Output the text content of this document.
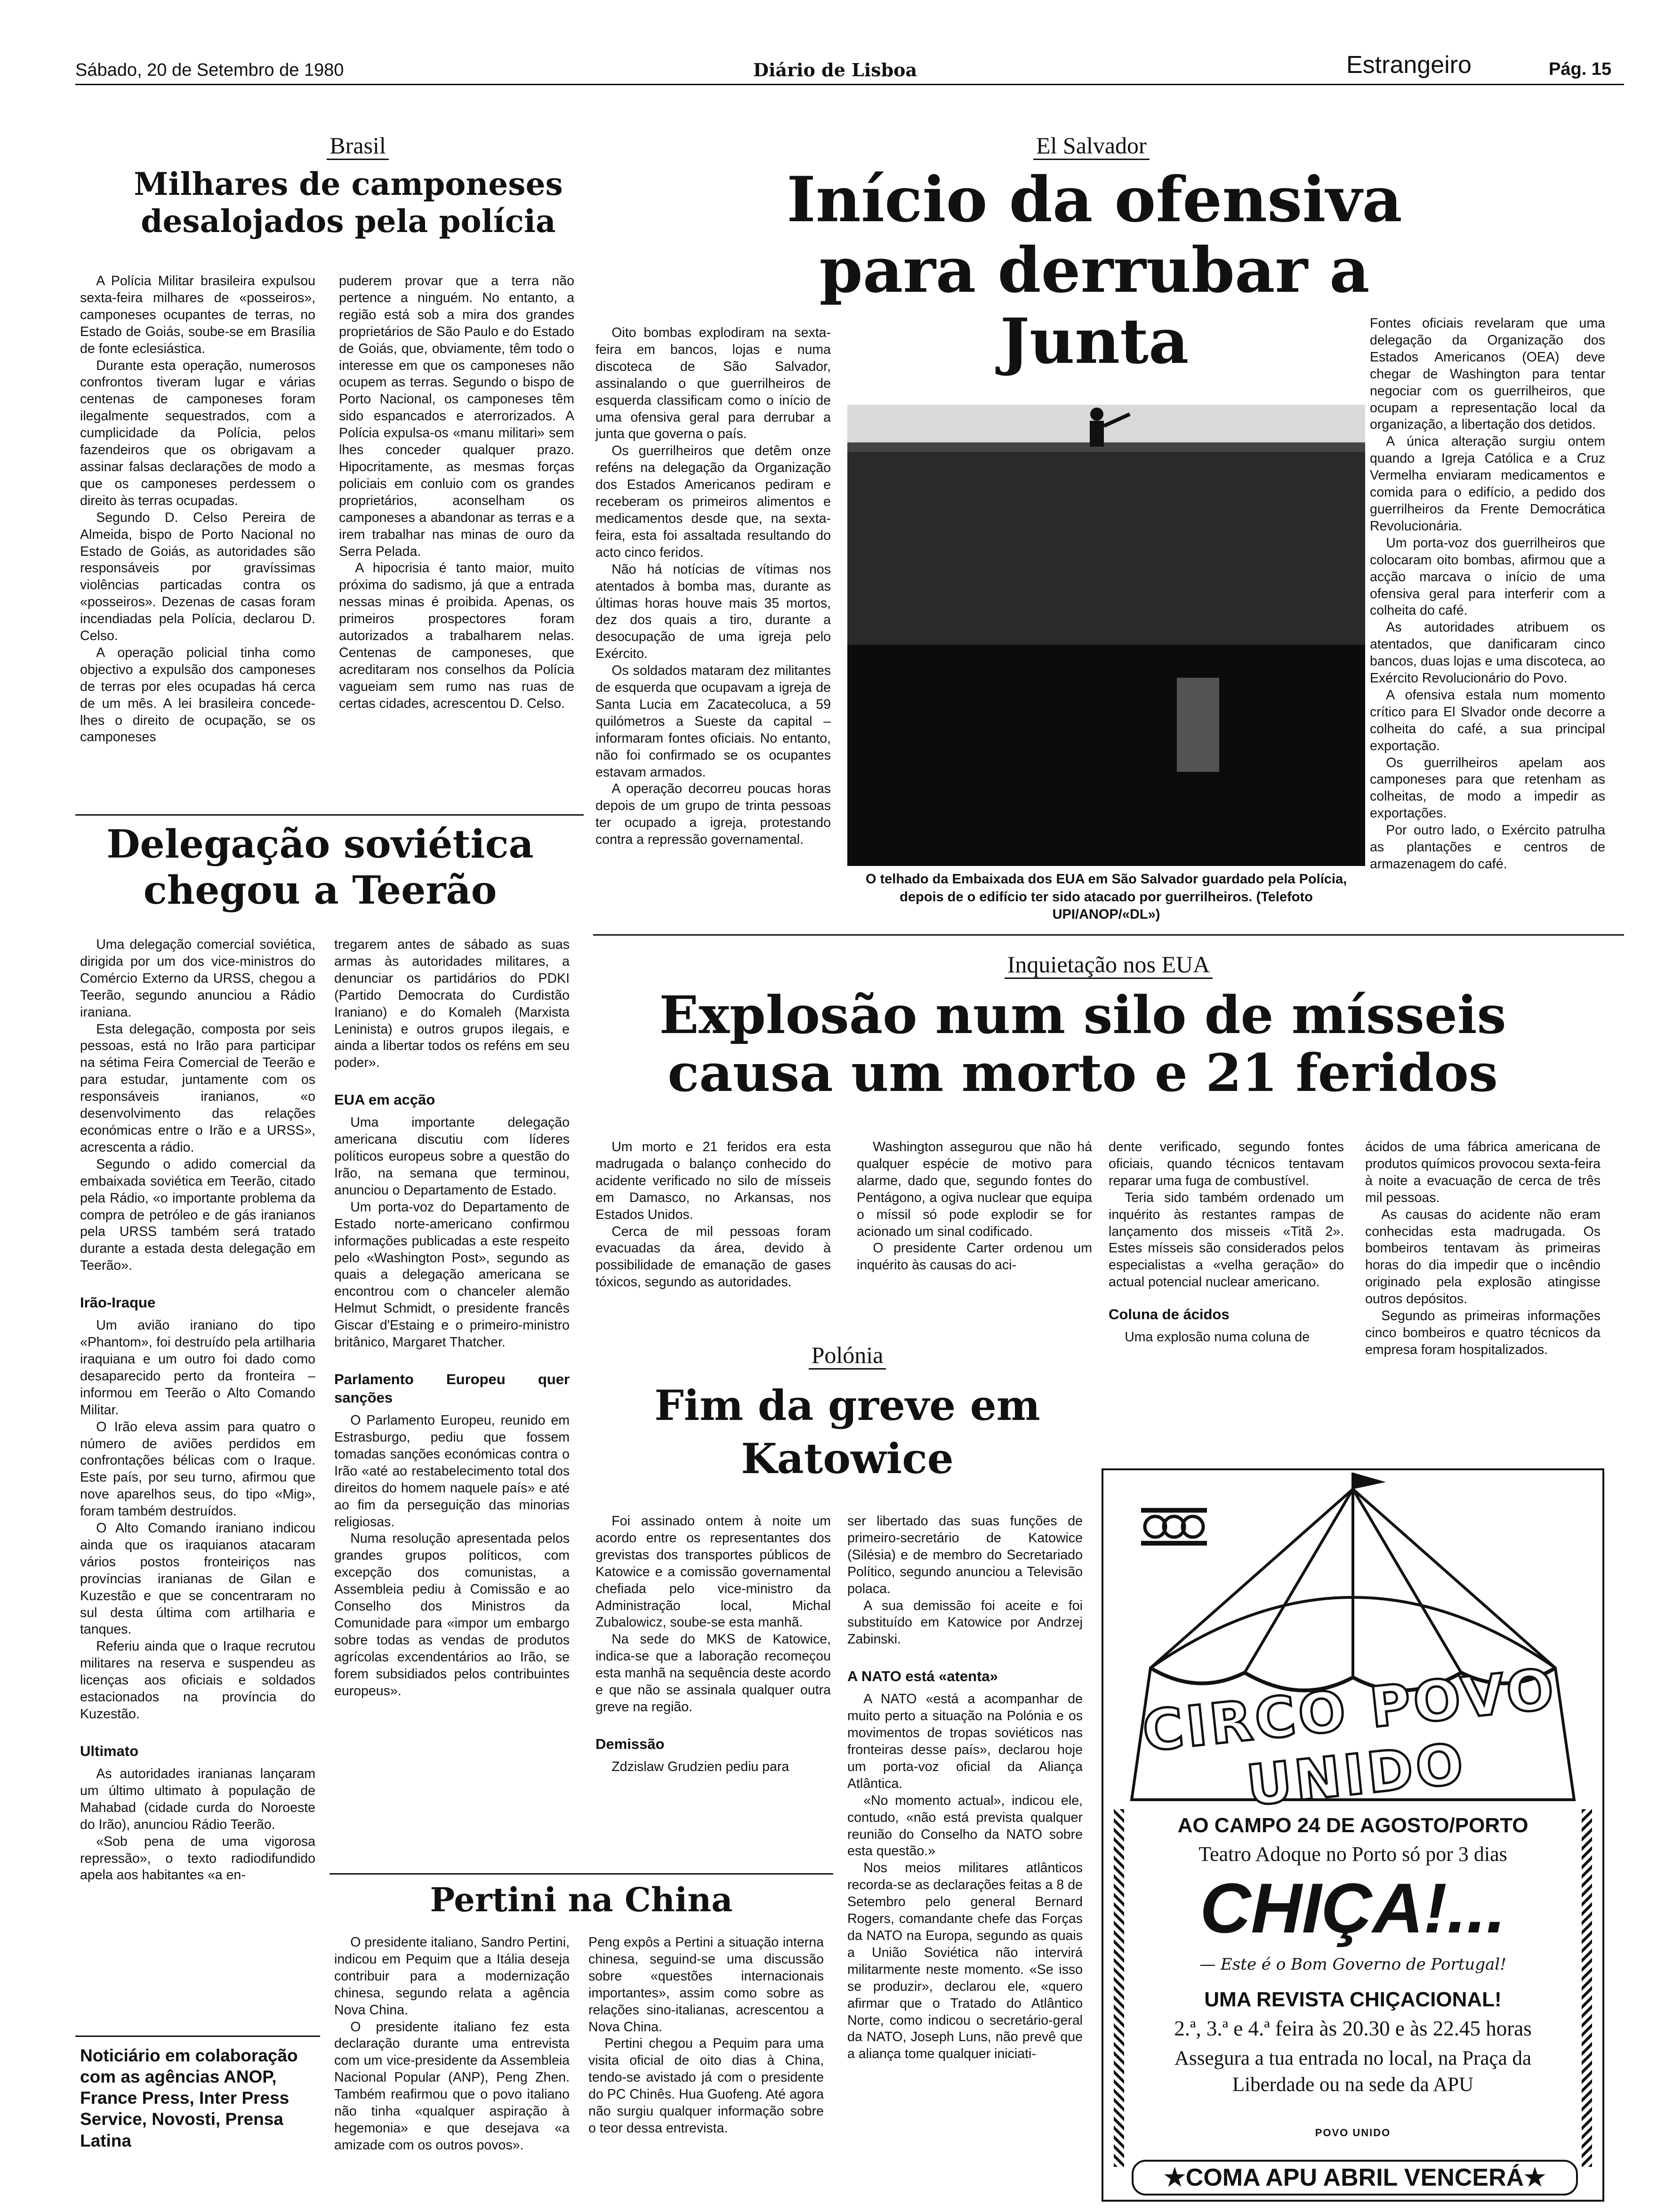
Sábado, 20 de Setembro de 1980	Diário de Lisboa	Estrangeiro	Pág. 15
Brasil
Milhares de camponeses desalojados pela polícia

A Polícia Militar brasileira expulsou sexta-feira milhares de «posseiros», camponeses ocupantes de terras, no Estado de Goiás, soube-se em Brasília de fonte eclesiástica.

Durante esta operação, numerosos confrontos tiveram lugar e várias centenas de camponeses foram ilegalmente sequestrados, com a cumplicidade da Polícia, pelos fazendeiros que os obrigavam a assinar falsas declarações de modo a que os camponeses perdessem o direito às terras ocupadas.

Segundo D. Celso Pereira de Almeida, bispo de Porto Nacional no Estado de Goiás, as autoridades são responsáveis por gravíssimas violências particadas contra os «posseiros». Dezenas de casas foram incendiadas pela Polícia, declarou D. Celso.

A operação policial tinha como objectivo a expulsão dos camponeses de terras por eles ocupadas há cerca de um mês. A lei brasileira concede-lhes o direito de ocupação, se os camponeses

puderem provar que a terra não pertence a ninguém. No entanto, a região está sob a mira dos grandes proprietários de São Paulo e do Estado de Goiás, que, obviamente, têm todo o interesse em que os camponeses não ocupem as terras. Segundo o bispo de Porto Nacional, os camponeses têm sido espancados e aterrorizados. A Polícia expulsa-os «manu militari» sem lhes conceder qualquer prazo. Hipocritamente, as mesmas forças policiais em conluio com os grandes proprietários, aconselham os camponeses a abandonar as terras e a irem trabalhar nas minas de ouro da Serra Pelada.

A hipocrisia é tanto maior, muito próxima do sadismo, já que a entrada nessas minas é proibida. Apenas, os primeiros prospectores foram autorizados a trabalharem nelas. Centenas de camponeses, que acreditaram nos conselhos da Polícia vagueiam sem rumo nas ruas de certas cidades, acrescentou D. Celso.

Delegação soviética chegou a Teerão

Uma delegação comercial soviética, dirigida por um dos vice-ministros do Comércio Externo da URSS, chegou a Teerão, segundo anunciou a Rádio iraniana.

Esta delegação, composta por seis pessoas, está no Irão para participar na sétima Feira Comercial de Teerão e para estudar, juntamente com os responsáveis iranianos, «o desenvolvimento das relações económicas entre o Irão e a URSS», acrescenta a rádio.

Segundo o adido comercial da embaixada soviética em Teerão, citado pela Rádio, «o importante problema da compra de petróleo e de gás iranianos pela URSS também será tratado durante a estada desta delegação em Teerão».

Irão-Iraque

Um avião iraniano do tipo «Phantom», foi destruído pela artilharia iraquiana e um outro foi dado como desaparecido perto da fronteira – informou em Teerão o Alto Comando Militar.

O Irão eleva assim para quatro o número de aviões perdidos em confrontações bélicas com o Iraque. Este país, por seu turno, afirmou que nove aparelhos seus, do tipo «Mig», foram também destruídos.

O Alto Comando iraniano indicou ainda que os iraquianos atacaram vários postos fronteiriços nas províncias iranianas de Gilan e Kuzestão e que se concentraram no sul desta última com artilharia e tanques.

Referiu ainda que o Iraque recrutou militares na reserva e suspendeu as licenças aos oficiais e soldados estacionados na província do Kuzestão.

Ultimato

As autoridades iranianas lançaram um último ultimato à população de Mahabad (cidade curda do Noroeste do Irão), anunciou Rádio Teerão.

«Sob pena de uma vigorosa repressão», o texto radiodifundido apela aos habitantes «a en-

Noticiário em colaboração com as agências ANOP, France Press, Inter Press Service, Novosti, Prensa Latina

tregarem antes de sábado as suas armas às autoridades militares, a denunciar os partidários do PDKI (Partido Democrata do Curdistão Iraniano) e do Komaleh (Marxista Leninista) e outros grupos ilegais, e ainda a libertar todos os reféns em seu poder».

EUA em acção

Uma importante delegação americana discutiu com líderes políticos europeus sobre a questão do Irão, na semana que terminou, anunciou o Departamento de Estado.

Um porta-voz do Departamento de Estado norte-americano confirmou informações publicadas a este respeito pelo «Washington Post», segundo as quais a delegação americana se encontrou com o chanceler alemão Helmut Schmidt, o presidente francês Giscar d'Estaing e o primeiro-ministro britânico, Margaret Thatcher.

Parlamento Europeu quer sanções

O Parlamento Europeu, reunido em Estrasburgo, pediu que fossem tomadas sanções económicas contra o Irão «até ao restabelecimento total dos direitos do homem naquele país» e até ao fim da perseguição das minorias religiosas.

Numa resolução apresentada pelos grandes grupos políticos, com excepção dos comunistas, a Assembleia pediu à Comissão e ao Conselho dos Ministros da Comunidade para «impor um embargo sobre todas as vendas de produtos agrícolas excendentários ao Irão, se forem subsidiados pelos contribuintes europeus».

El Salvador
Início da ofensiva para derrubar a Junta

Oito bombas explodiram na sexta-feira em bancos, lojas e numa discoteca de São Salvador, assinalando o que guerrilheiros de esquerda classificam como o início de uma ofensiva geral para derrubar a junta que governa o país.

Os guerrilheiros que detêm onze reféns na delegação da Organização dos Estados Americanos pediram e receberam os primeiros alimentos e medicamentos desde que, na sexta-feira, esta foi assaltada resultando do acto cinco feridos.

Não há notícias de vítimas nos atentados à bomba mas, durante as últimas horas houve mais 35 mortos, dez dos quais a tiro, durante a desocupação de uma igreja pelo Exército.

Os soldados mataram dez militantes de esquerda que ocupavam a igreja de Santa Lucia em Zacatecoluca, a 59 quilómetros a Sueste da capital – informaram fontes oficiais. No entanto, não foi confirmado se os ocupantes estavam armados.

A operação decorreu poucas horas depois de um grupo de trinta pessoas ter ocupado a igreja, protestando contra a repressão governamental.

O telhado da Embaixada dos EUA em São Salvador guardado pela Polícia, depois de o edifício ter sido atacado por guerrilheiros. (Telefoto UPI/ANOP/«DL»)

Fontes oficiais revelaram que uma delegação da Organização dos Estados Americanos (OEA) deve chegar de Washington para tentar negociar com os guerrilheiros, que ocupam a representação local da organização, a libertação dos detidos.

A única alteração surgiu ontem quando a Igreja Católica e a Cruz Vermelha enviaram medicamentos e comida para o edifício, a pedido dos guerrilheiros da Frente Democrática Revolucionária.

Um porta-voz dos guerrilheiros que colocaram oito bombas, afirmou que a acção marcava o início de uma ofensiva geral para interferir com a colheita do café.

As autoridades atribuem os atentados, que danificaram cinco bancos, duas lojas e uma discoteca, ao Exército Revolucionário do Povo.

A ofensiva estala num momento crítico para El Slvador onde decorre a colheita do café, a sua principal exportação.

Os guerrilheiros apelam aos camponeses para que retenham as colheitas, de modo a impedir as exportações.

Por outro lado, o Exército patrulha as plantações e centros de armazenagem do café.

Inquietação nos EUA
Explosão num silo de mísseis causa um morto e 21 feridos

Um morto e 21 feridos era esta madrugada o balanço conhecido do acidente verificado no silo de mísseis em Damasco, no Arkansas, nos Estados Unidos.

Cerca de mil pessoas foram evacuadas da área, devido à possibilidade de emanação de gases tóxicos, segundo as autoridades.

Washington assegurou que não há qualquer espécie de motivo para alarme, dado que, segundo fontes do Pentágono, a ogiva nuclear que equipa o míssil só pode explodir se for acionado um sinal codificado.

O presidente Carter ordenou um inquérito às causas do aci-

dente verificado, segundo fontes oficiais, quando técnicos tentavam reparar uma fuga de combustível.

Teria sido também ordenado um inquérito às restantes rampas de lançamento dos misseis «Titã 2». Estes mísseis são considerados pelos especialistas a «velha geração» do actual potencial nuclear americano.

Coluna de ácidos

Uma explosão numa coluna de

ácidos de uma fábrica americana de produtos químicos provocou sexta-feira à noite a evacuação de cerca de três mil pessoas.

As causas do acidente não eram conhecidas esta madrugada. Os bombeiros tentavam às primeiras horas do dia impedir que o incêndio originado pela explosão atingisse outros depósitos.

Segundo as primeiras informações cinco bombeiros e quatro técnicos da empresa foram hospitalizados.

Polónia
Fim da greve em Katowice

Foi assinado ontem à noite um acordo entre os representantes dos grevistas dos transportes públicos de Katowice e a comissão governamental chefiada pelo vice-ministro da Administração local, Michal Zubalowicz, soube-se esta manhã.

Na sede do MKS de Katowice, indica-se que a laboração recomeçou esta manhã na sequência deste acordo e que não se assinala qualquer outra greve na região.

Demissão

Zdzislaw Grudzien pediu para

ser libertado das suas funções de primeiro-secretário de Katowice (Silésia) e de membro do Secretariado Político, segundo anunciou a Televisão polaca.

A sua demissão foi aceite e foi substituído em Katowice por Andrzej Zabinski.

A NATO está «atenta»

A NATO «está a acompanhar de muito perto a situação na Polónia e os movimentos de tropas soviéticos nas fronteiras desse país», declarou hoje um porta-voz oficial da Aliança Atlântica.

«No momento actual», indicou ele, contudo, «não está prevista qualquer reunião do Conselho da NATO sobre esta questão.»

Nos meios militares atlânticos recorda-se as declarações feitas a 8 de Setembro pelo general Bernard Rogers, comandante chefe das Forças da NATO na Europa, segundo as quais a União Soviética não intervirá militarmente neste momento. «Se isso se produzir», declarou ele, «quero afirmar que o Tratado do Atlântico Norte, como indicou o secretário-geral da NATO, Joseph Luns, não prevê que a aliança tome qualquer iniciati-

Pertini na China

O presidente italiano, Sandro Pertini, indicou em Pequim que a Itália deseja contribuir para a modernização chinesa, segundo relata a agência Nova China.

O presidente italiano fez esta declaração durante uma entrevista com um vice-presidente da Assembleia Nacional Popular (ANP), Peng Zhen. Também reafirmou que o povo italiano não tinha «qualquer aspiração à hegemonia» e que desejava «a amizade com os outros povos».

Peng expôs a Pertini a situação interna chinesa, seguind-se uma discussão sobre «questões internacionais importantes», assim como sobre as relações sino-italianas, acrescentou a Nova China.

Pertini chegou a Pequim para uma visita oficial de oito dias à China, tendo-se avistado já com o presidente do PC Chinês. Hua Guofeng. Até agora não surgiu qualquer informação sobre o teor dessa entrevista.

CIRCO POVO UNIDO
AO CAMPO 24 DE AGOSTO/PORTO
Teatro Adoque no Porto só por 3 dias
CHIÇA!...
— Este é o Bom Governo de Portugal!
UMA REVISTA CHIÇACIONAL!
2.ª, 3.ª e 4.ª feira às 20.30 e às 22.45 horas
Assegura a tua entrada no local, na Praça da Liberdade ou na sede da APU
POVO UNIDO
★COMA APU ABRIL VENCERÁ★
